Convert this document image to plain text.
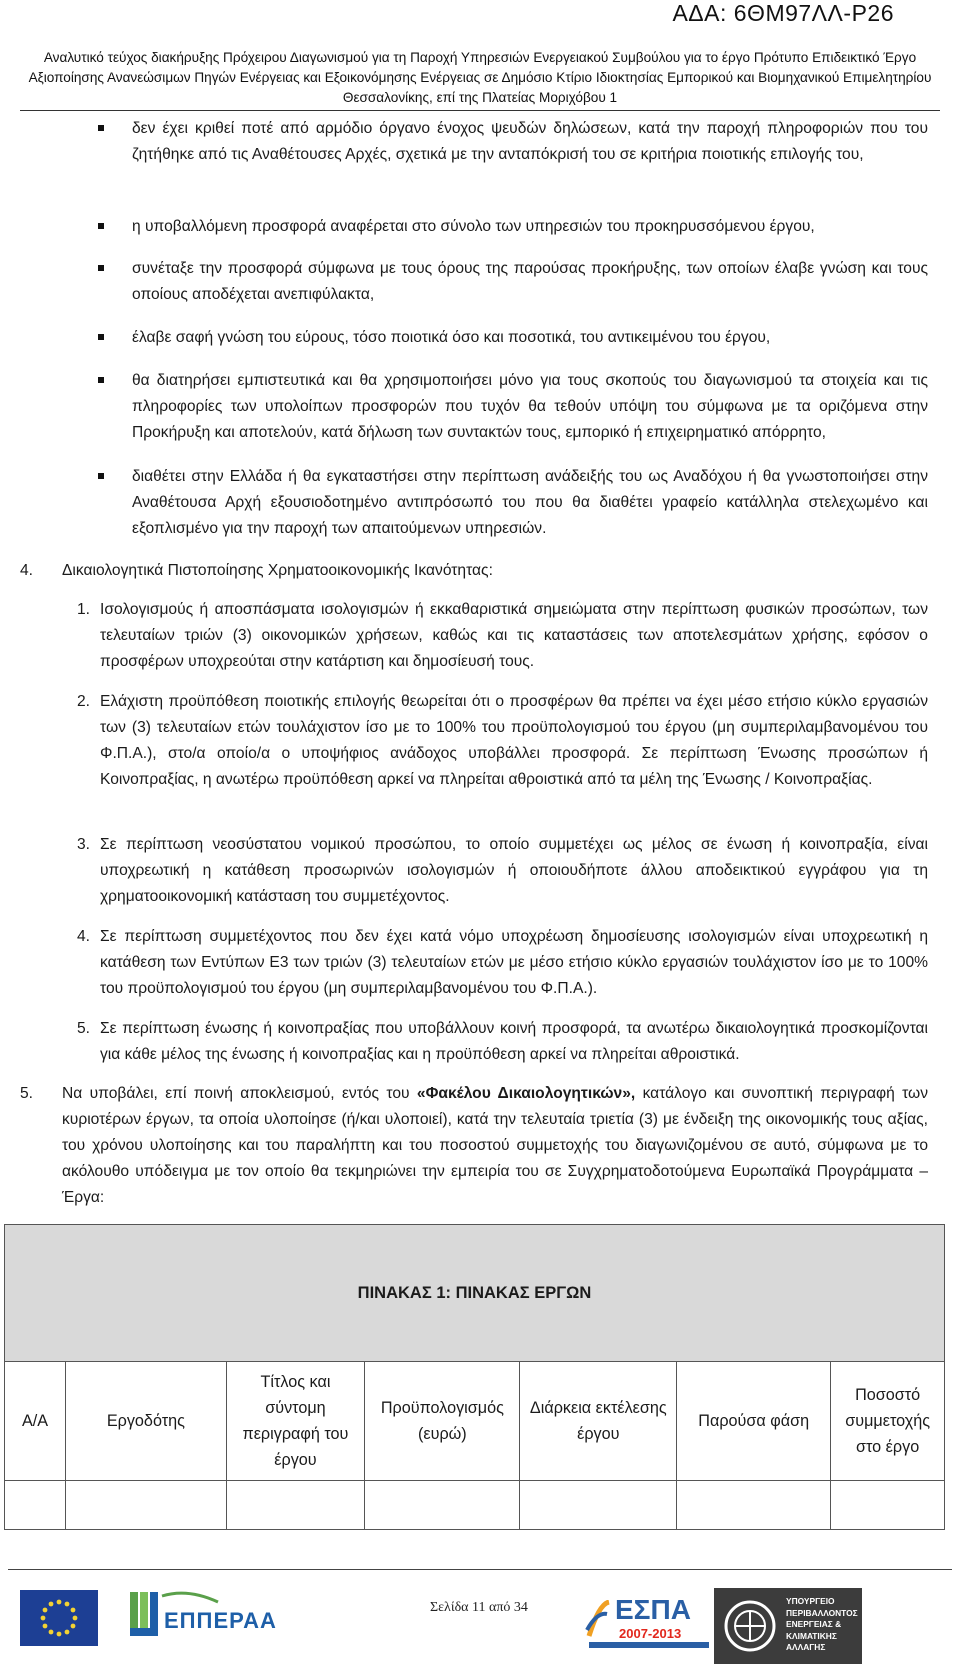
ΑΔΑ: 6ΘΜ97ΛΛ-Ρ26
Αναλυτικό τεύχος διακήρυξης Πρόχειρου Διαγωνισμού για τη Παροχή Υπηρεσιών Ενεργειακού Συμβούλου για το έργο Πρότυπο Επιδεικτικό Έργο
Αξιοποίησης Ανανεώσιμων Πηγών Ενέργειας και Εξοικονόμησης Ενέργειας σε Δημόσιο Κτίριο Ιδιοκτησίας Εμπορικού και Βιομηχανικού Επιμελητηρίου
Θεσσαλονίκης, επί της Πλατείας Μοριχόβου 1
δεν έχει κριθεί ποτέ από αρμόδιο όργανο ένοχος ψευδών δηλώσεων, κατά την παροχή πληροφοριών που του ζητήθηκε από τις Αναθέτουσες Αρχές, σχετικά με την ανταπόκρισή του σε κριτήρια ποιοτικής επιλογής του,
η υποβαλλόμενη προσφορά αναφέρεται στο σύνολο των υπηρεσιών του προκηρυσσόμενου έργου,
συνέταξε την προσφορά σύμφωνα με τους όρους της παρούσας προκήρυξης, των οποίων έλαβε γνώση και τους οποίους αποδέχεται ανεπιφύλακτα,
έλαβε σαφή γνώση του εύρους, τόσο ποιοτικά όσο και ποσοτικά, του αντικειμένου του έργου,
θα διατηρήσει εμπιστευτικά και θα χρησιμοποιήσει μόνο για τους σκοπούς του διαγωνισμού τα στοιχεία και τις πληροφορίες των υπολοίπων προσφορών που τυχόν θα τεθούν υπόψη του σύμφωνα με τα οριζόμενα στην Προκήρυξη και αποτελούν, κατά δήλωση των συντακτών τους, εμπορικό ή επιχειρηματικό απόρρητο,
διαθέτει στην Ελλάδα ή θα εγκαταστήσει στην περίπτωση ανάδειξής του ως Αναδόχου ή θα γνωστοποιήσει στην Αναθέτουσα Αρχή εξουσιοδοτημένο αντιπρόσωπό του που θα διαθέτει γραφείο κατάλληλα στελεχωμένο και εξοπλισμένο για την παροχή των απαιτούμενων υπηρεσιών.
4. Δικαιολογητικά Πιστοποίησης Χρηματοοικονομικής Ικανότητας:
1. Ισολογισμούς ή αποσπάσματα ισολογισμών ή εκκαθαριστικά σημειώματα στην περίπτωση φυσικών προσώπων, των τελευταίων τριών (3) οικονομικών χρήσεων, καθώς και τις καταστάσεις των αποτελεσμάτων χρήσης, εφόσον ο προσφέρων υποχρεούται στην κατάρτιση και δημοσίευσή τους.
2. Ελάχιστη προϋπόθεση ποιοτικής επιλογής θεωρείται ότι ο προσφέρων θα πρέπει να έχει μέσο ετήσιο κύκλο εργασιών των (3) τελευταίων ετών τουλάχιστον ίσο με το 100% του προϋπολογισμού του έργου (μη συμπεριλαμβανομένου του Φ.Π.Α.), στο/α οποίο/α ο υποψήφιος ανάδοχος υποβάλλει προσφορά. Σε περίπτωση Ένωσης προσώπων ή Κοινοπραξίας, η ανωτέρω προϋπόθεση αρκεί να πληρείται αθροιστικά από τα μέλη της Ένωσης / Κοινοπραξίας.
3. Σε περίπτωση νεοσύστατου νομικού προσώπου, το οποίο συμμετέχει ως μέλος σε ένωση ή κοινοπραξία, είναι υποχρεωτική η κατάθεση προσωρινών ισολογισμών ή οποιουδήποτε άλλου αποδεικτικού εγγράφου για τη χρηματοοικονομική κατάσταση του συμμετέχοντος.
4. Σε περίπτωση συμμετέχοντος που δεν έχει κατά νόμο υποχρέωση δημοσίευσης ισολογισμών είναι υποχρεωτική η κατάθεση των Εντύπων Ε3 των τριών (3) τελευταίων ετών με μέσο ετήσιο κύκλο εργασιών τουλάχιστον ίσο με το 100% του προϋπολογισμού του έργου (μη συμπεριλαμβανομένου του Φ.Π.Α.).
5. Σε περίπτωση ένωσης ή κοινοπραξίας που υποβάλλουν κοινή προσφορά, τα ανωτέρω δικαιολογητικά προσκομίζονται για κάθε μέλος της ένωσης ή κοινοπραξίας και η προϋπόθεση αρκεί να πληρείται αθροιστικά.
5. Να υποβάλει, επί ποινή αποκλεισμού, εντός του «Φακέλου Δικαιολογητικών», κατάλογο και συνοπτική περιγραφή των κυριοτέρων έργων, τα οποία υλοποίησε (ή/και υλοποιεί), κατά την τελευταία τριετία (3) με ένδειξη της οικονομικής τους αξίας, του χρόνου υλοποίησης και του παραλήπτη και του ποσοστού συμμετοχής του διαγωνιζομένου σε αυτό, σύμφωνα με το ακόλουθο υπόδειγμα με τον οποίο θα τεκμηριώνει την εμπειρία του σε Συγχρηματοδοτούμενα Ευρωπαϊκά Προγράμματα – Έργα:
ΠΙΝΑΚΑΣ 1: ΠΙΝΑΚΑΣ ΕΡΓΩΝ						
Α/Α	Εργοδότης	Τίτλος και σύντομη περιγραφή του έργου	Προϋπολογισμός (ευρώ)	Διάρκεια εκτέλεσης έργου	Παρούσα φάση	Ποσοστό συμμετοχής στο έργο

ΕΠΠΕΡΑΑ
Σελίδα 11 από 34	ΕΣΠΑ
2007-2013
ΥΠΟΥΡΓΕΙΟ
ΠΕΡΙΒΑΛΛΟΝΤΟΣ
ΕΝΕΡΓΕΙΑΣ &
ΚΛΙΜΑΤΙΚΗΣ
ΑΛΛΑΓΗΣ
